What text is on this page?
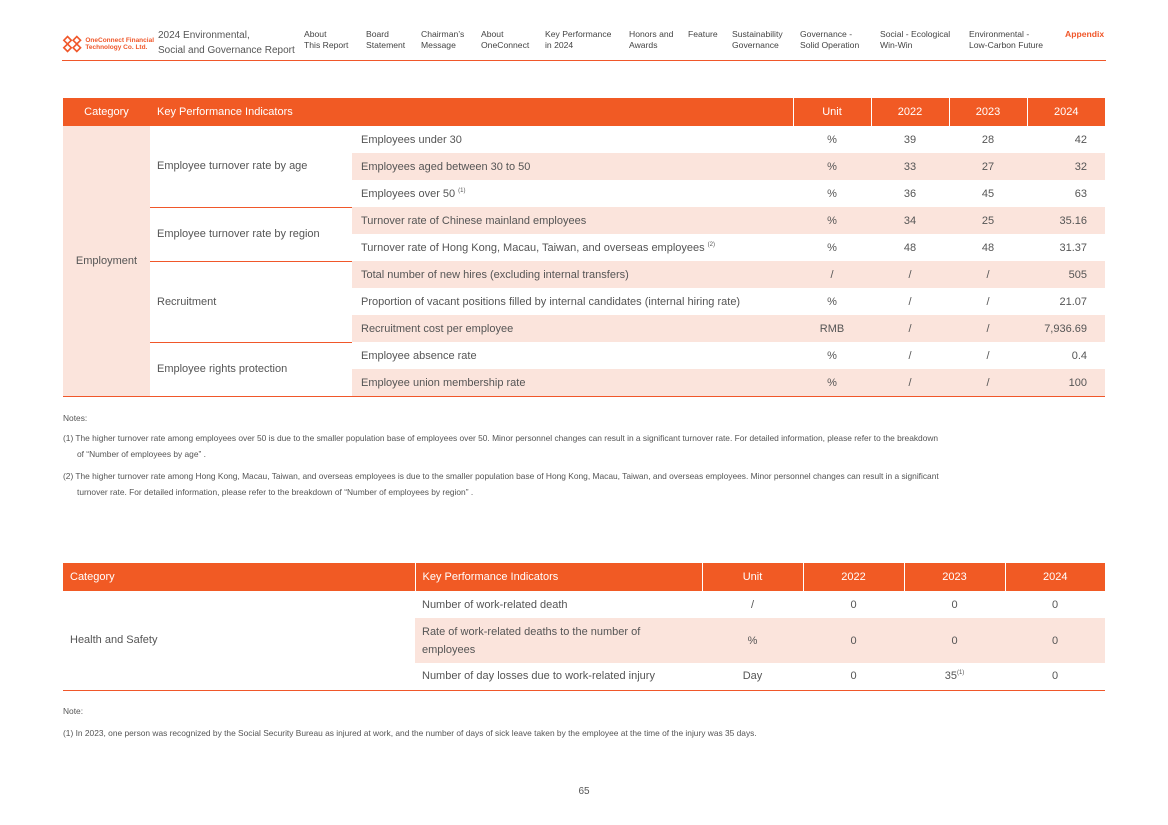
OneConnect Financial
Technology Co. Ltd.
2024 Environmental,
Social and Governance Report
About
This Report
Board
Statement
Chairman’s
Message
About
OneConnect
Key Performance
in 2024
Honors and
Awards
Feature Sustainability
Governance
Governance -
Solid Operation
Social - Ecological
Win-Win
Environmental -
Low-Carbon Future
Appendix
Category	Key Performance Indicators		Unit	2022	2023	2024
Employment	Employee turnover rate by age	Employees under 30	%	39	28	42
		Employees aged between 30 to 50	%	33	27	32
		Employees over 50 $^{(1)}$	%	36	45	63
	Employee turnover rate by region	Turnover rate of Chinese mainland employees	%	34	25	35.16
		Turnover rate of Hong Kong, Macau, Taiwan, and overseas employees $^{(2)}$	%	48	48	31.37
	Recruitment	Total number of new hires (excluding internal transfers)	/	/	/	505
		Proportion of vacant positions filled by internal candidates (internal hiring rate)	%	/	/	21.07
		Recruitment cost per employee	RMB	/	/	7,936.69
	Employee rights protection	Employee absence rate	%	/	/	0.4
		Employee union membership rate	%	/	/	100

Notes:

(1) The higher turnover rate among employees over 50 is due to the smaller population base of employees over 50. Minor personnel changes can result in a significant turnover rate. For detailed information, please refer to the breakdown

of “Number of employees by age” .

(2) The higher turnover rate among Hong Kong, Macau, Taiwan, and overseas employees is due to the smaller population base of Hong Kong, Macau, Taiwan, and overseas employees. Minor personnel changes can result in a significant

turnover rate. For detailed information, please refer to the breakdown of “Number of employees by region” .

Category	Key Performance Indicators	Unit	2022	2023	2024
Health and Safety	Number of work-related death	/	0	0	0
	Rate of work-related deaths to the number of employees	%	0	0	0
	Number of day losses due to work-related injury	Day	0	35$^{(1)}$	0

Note:

(1) In 2023, one person was recognized by the Social Security Bureau as injured at work, and the number of days of sick leave taken by the employee at the time of the injury was 35 days.

65
